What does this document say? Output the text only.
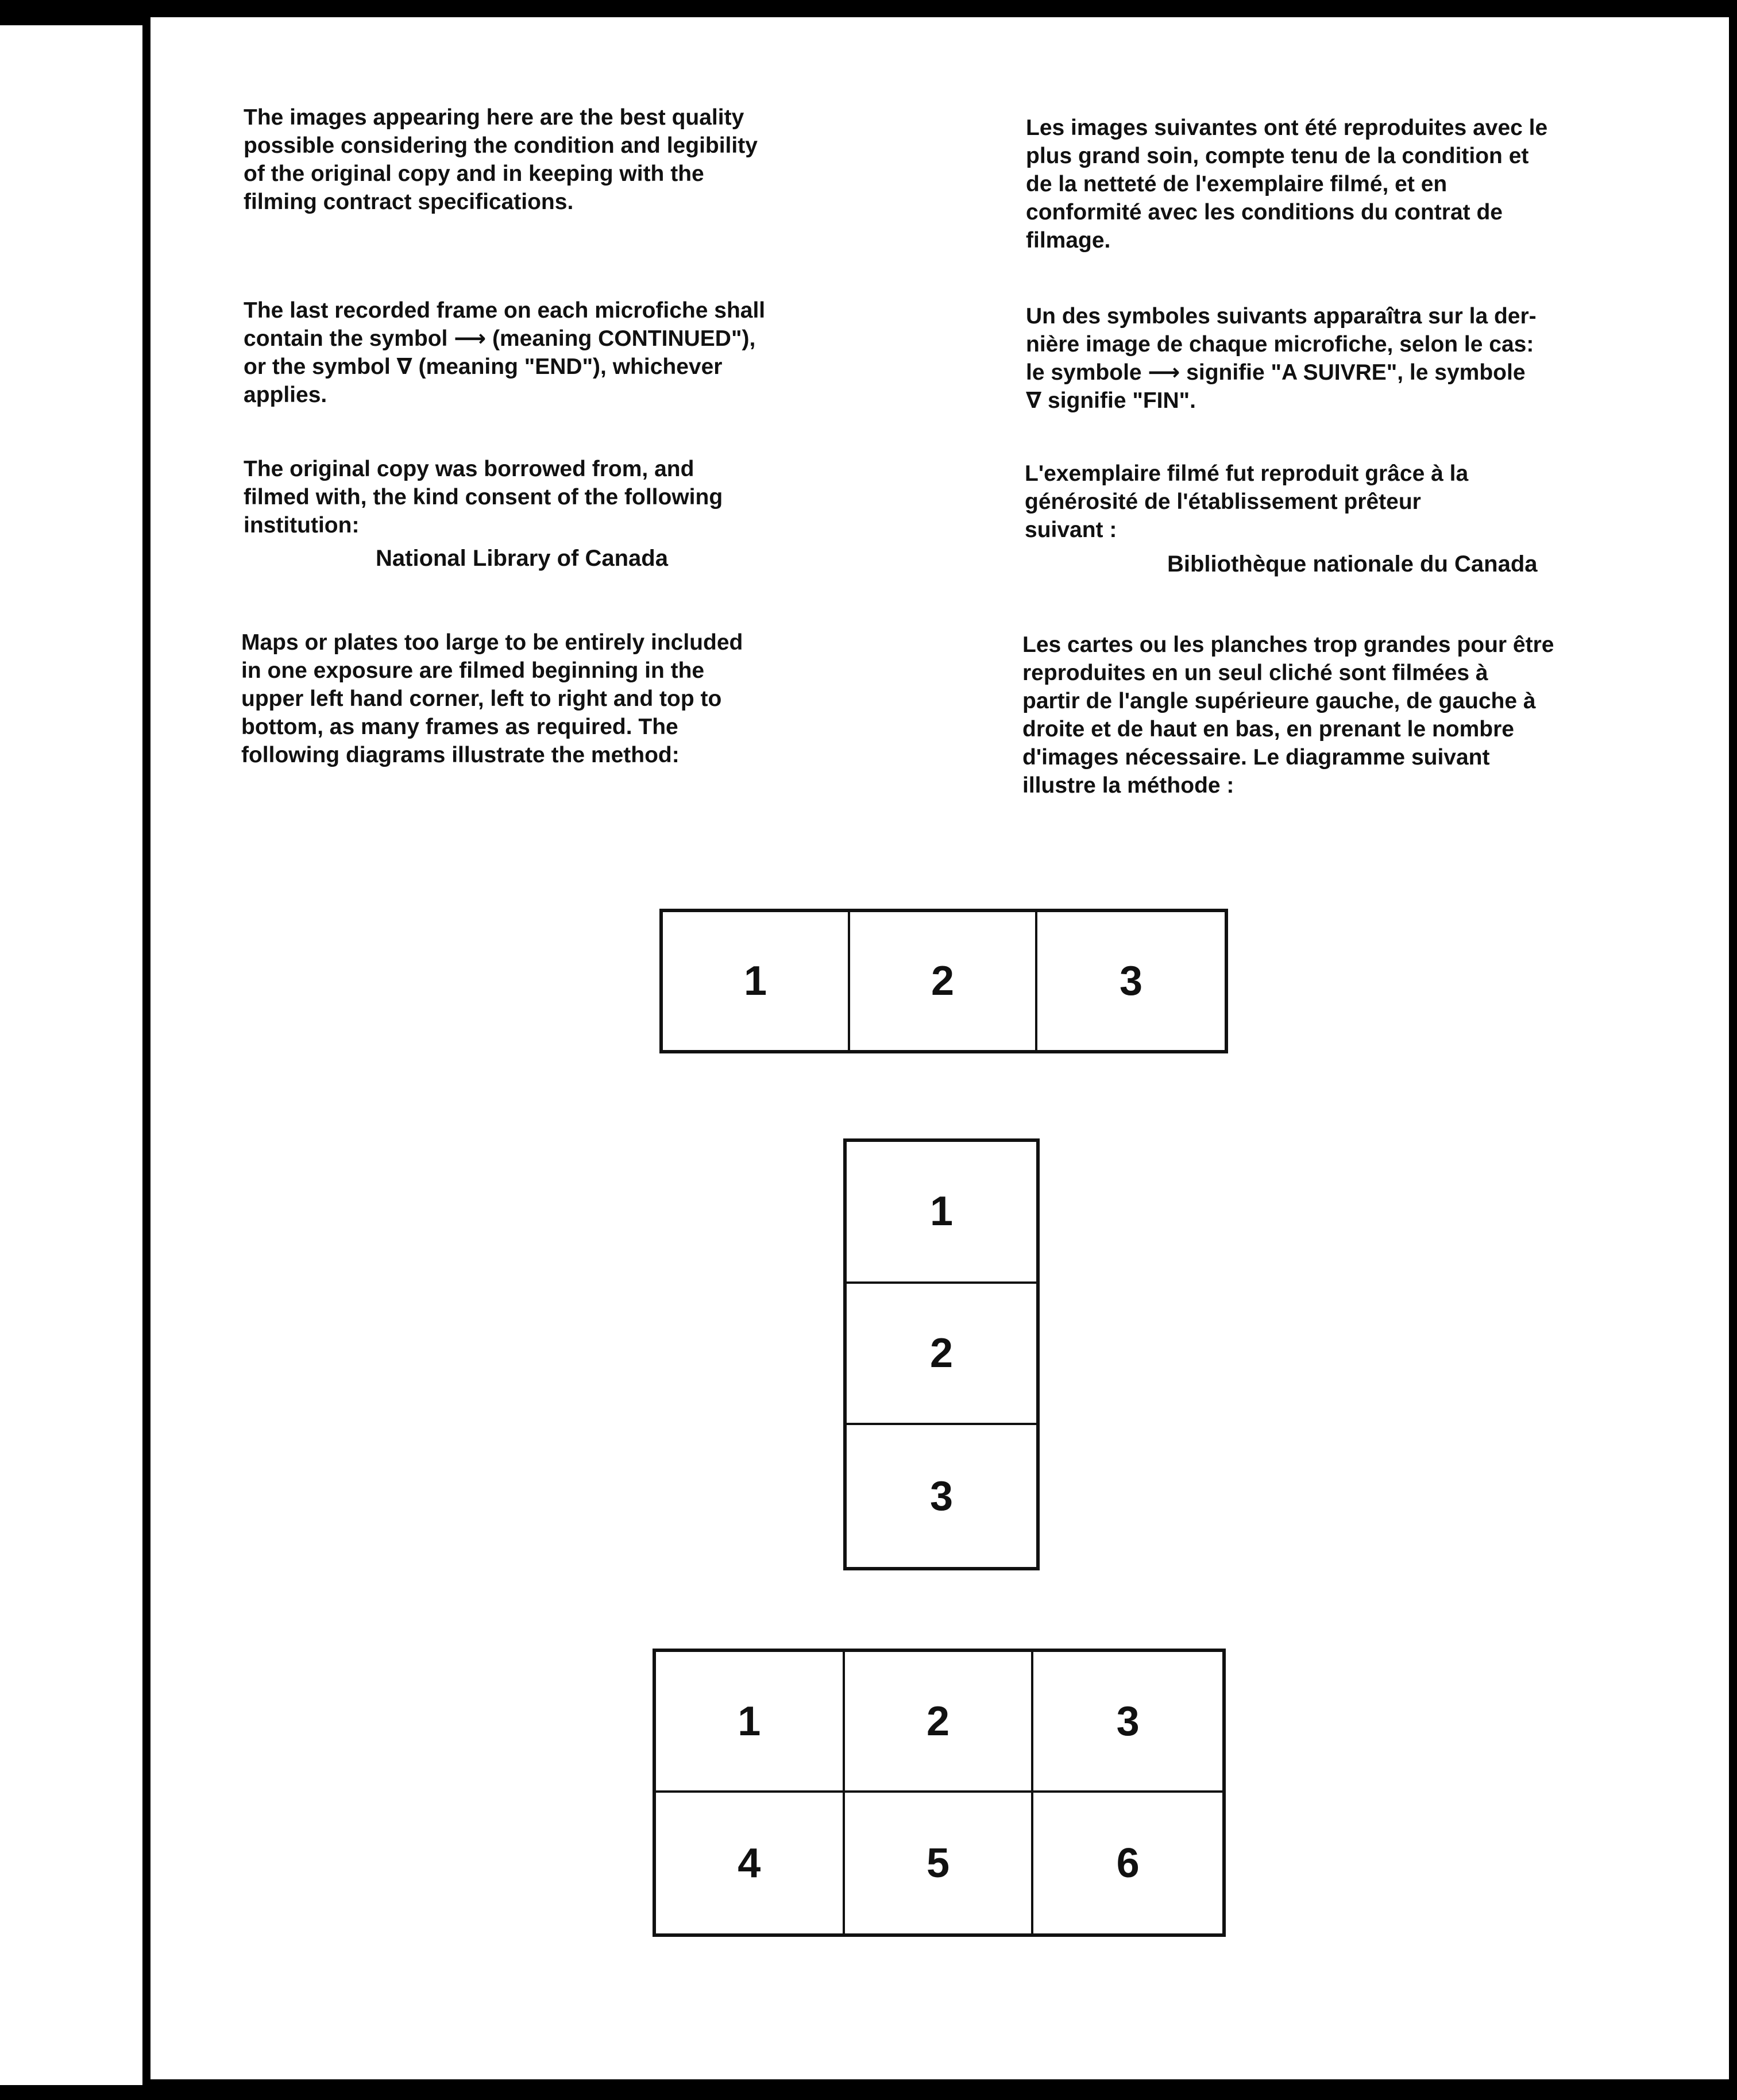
The images appearing here are the best quality
possible considering the condition and legibility
of the original copy and in keeping with the
filming contract specifications.

The last recorded frame on each microfiche shall
contain the symbol ⟶ (meaning CONTINUED"),
or the symbol ∇ (meaning "END"), whichever
applies.

The original copy was borrowed from, and
filmed with, the kind consent of the following
institution:

National Library of Canada

Maps or plates too large to be entirely included
in one exposure are filmed beginning in the
upper left hand corner, left to right and top to
bottom, as many frames as required. The
following diagrams illustrate the method:

Les images suivantes ont été reproduites avec le
plus grand soin, compte tenu de la condition et
de la netteté de l'exemplaire filmé, et en
conformité avec les conditions du contrat de
filmage.

Un des symboles suivants apparaîtra sur la der-
nière image de chaque microfiche, selon le cas:
le symbole ⟶ signifie "A SUIVRE", le symbole
∇ signifie "FIN".

L'exemplaire filmé fut reproduit grâce à la
générosité de l'établissement prêteur
suivant :

Bibliothèque nationale du Canada

Les cartes ou les planches trop grandes pour être
reproduites en un seul cliché sont filmées à
partir de l'angle supérieure gauche, de gauche à
droite et de haut en bas, en prenant le nombre
d'images nécessaire. Le diagramme suivant
illustre la méthode :

1	2	3
1
2
3
1	2	3
4	5	6
